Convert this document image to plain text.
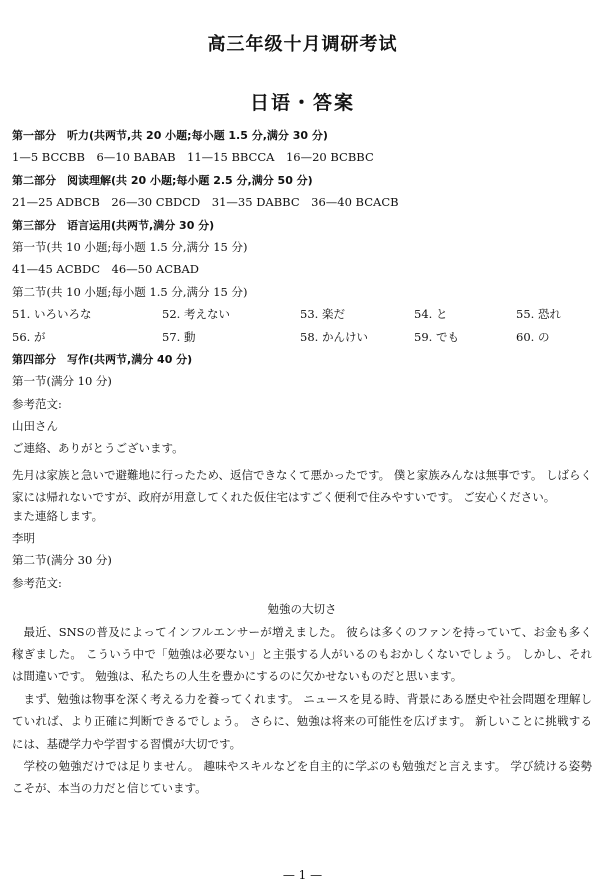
高三年级十月调研考试
日语・答案
第一部分　听力(共两节,共 20 小题;每小题 1.5 分,满分 30 分)
1—5 BCCBB　6—10 BABAB　11—15 BBCCA　16—20 BCBBC
第二部分　阅读理解(共 20 小题;每小题 2.5 分,满分 50 分)
21—25 ADBCB　26—30 CBDCD　31—35 DABBC　36—40 BCACB
第三部分　语言运用(共两节,满分 30 分)
第一节(共 10 小题;每小题 1.5 分,满分 15 分)
41—45 ACBDC　46—50 ACBAD
第二节(共 10 小题;每小题 1.5 分,满分 15 分)
51. いろいろな	52. 考えない	53. 楽だ	54. と	55. 恐れ
56. が	57. 動	58. かんけい	59. でも	60. の
第四部分　写作(共两节,满分 40 分)
第一节(满分 10 分)
参考范文:
山田さん
ご連絡、ありがとうございます。
先月は家族と急いで避難地に行ったため、返信できなくて悪かったです。 僕と家族みんなは無事です。 しばらく家には帰れないですが、政府が用意してくれた仮住宅はすごく便利で住みやすいです。 ご安心ください。
また連絡します。
李明
第二节(满分 30 分)
参考范文:
勉強の大切さ
最近、SNSの普及によってインフルエンサーが増えました。 彼らは多くのファンを持っていて、お金も多く稼ぎました。 こういう中で「勉強は必要ない」と主張する人がいるのもおかしくないでしょう。 しかし、それは間違いです。 勉強は、私たちの人生を豊かにするのに欠かせないものだと思います。
まず、勉強は物事を深く考える力を養ってくれます。 ニュースを見る時、背景にある歴史や社会問題を理解していれば、より正確に判断できるでしょう。 さらに、勉強は将来の可能性を広げます。 新しいことに挑戦するには、基礎学力や学習する習慣が大切です。
学校の勉強だけでは足りません。 趣味やスキルなどを自主的に学ぶのも勉強だと言えます。 学び続ける姿勢こそが、本当の力だと信じています。
— 1 —
